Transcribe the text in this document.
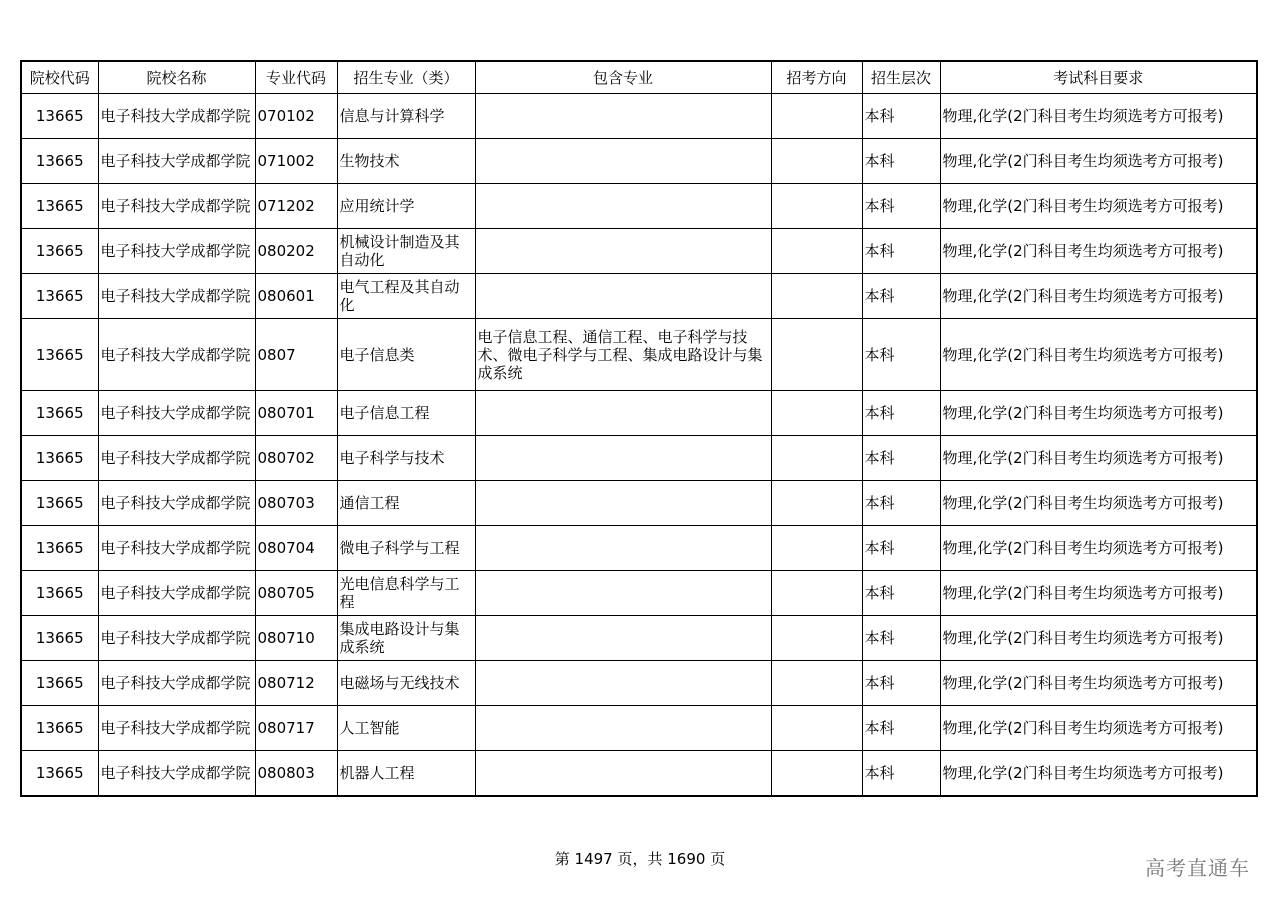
院校代码	院校名称	专业代码	招生专业（类）	包含专业	招考方向	招生层次	考试科目要求
13665	电子科技大学成都学院	070102	信息与计算科学			本科	物理,化学(2门科目考生均须选考方可报考)
13665	电子科技大学成都学院	071002	生物技术			本科	物理,化学(2门科目考生均须选考方可报考)
13665	电子科技大学成都学院	071202	应用统计学			本科	物理,化学(2门科目考生均须选考方可报考)
13665	电子科技大学成都学院	080202	机械设计制造及其自动化			本科	物理,化学(2门科目考生均须选考方可报考)
13665	电子科技大学成都学院	080601	电气工程及其自动化			本科	物理,化学(2门科目考生均须选考方可报考)
13665	电子科技大学成都学院	0807	电子信息类	电子信息工程、通信工程、电子科学与技术、微电子科学与工程、集成电路设计与集成系统		本科	物理,化学(2门科目考生均须选考方可报考)
13665	电子科技大学成都学院	080701	电子信息工程			本科	物理,化学(2门科目考生均须选考方可报考)
13665	电子科技大学成都学院	080702	电子科学与技术			本科	物理,化学(2门科目考生均须选考方可报考)
13665	电子科技大学成都学院	080703	通信工程			本科	物理,化学(2门科目考生均须选考方可报考)
13665	电子科技大学成都学院	080704	微电子科学与工程			本科	物理,化学(2门科目考生均须选考方可报考)
13665	电子科技大学成都学院	080705	光电信息科学与工程			本科	物理,化学(2门科目考生均须选考方可报考)
13665	电子科技大学成都学院	080710	集成电路设计与集成系统			本科	物理,化学(2门科目考生均须选考方可报考)
13665	电子科技大学成都学院	080712	电磁场与无线技术			本科	物理,化学(2门科目考生均须选考方可报考)
13665	电子科技大学成都学院	080717	人工智能			本科	物理,化学(2门科目考生均须选考方可报考)
13665	电子科技大学成都学院	080803	机器人工程			本科	物理,化学(2门科目考生均须选考方可报考)
第 1497 页，共 1690 页	高考直通车
